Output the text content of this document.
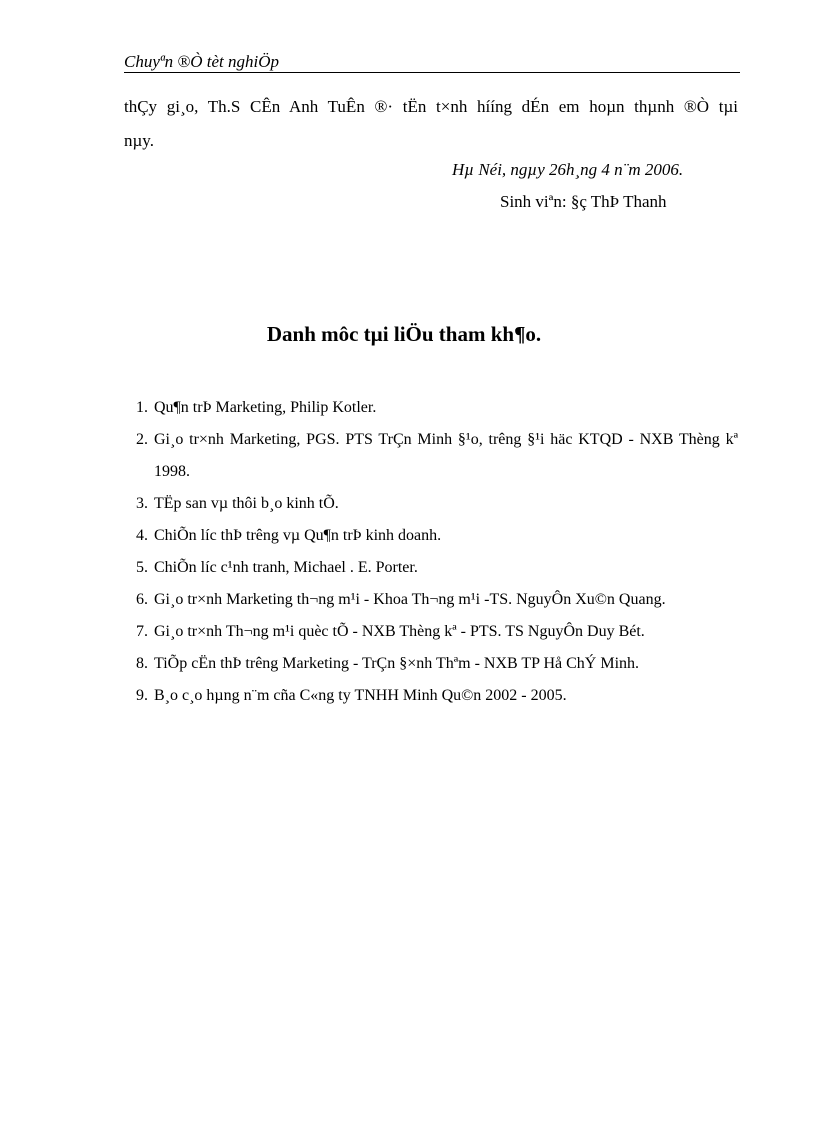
Chuyªn ®Ò tèt nghiÖp
thÇy gi¸o, Th.S CÊn Anh TuÊn ®· tËn t×nh hííng dÉn em hoµn thµnh ®Ò tµi
nµy.
Hµ Néi, ngµy 26h¸ng 4 n¨m 2006.
Sinh viªn: §ç ThÞ Thanh
Danh môc tµi liÖu tham kh¶o.
1. Qu¶n trÞ Marketing, Philip Kotler.
2. Gi¸o tr×nh Marketing, PGS. PTS TrÇn Minh §¹o, trêng §¹i häc KTQD - NXB Thèng kª 1998.
3. TËp san vµ thôi b¸o kinh tÕ.
4. ChiÕn líc thÞ trêng vµ Qu¶n trÞ kinh doanh.
5. ChiÕn líc c¹nh tranh, Michael . E. Porter.
6. Gi¸o tr×nh Marketing th¬ng m¹i - Khoa Th¬ng m¹i -TS. NguyÔn Xu©n Quang.
7. Gi¸o tr×nh Th¬ng m¹i quèc tÕ - NXB Thèng kª - PTS. TS NguyÔn Duy Bét.
8. TiÕp cËn thÞ trêng Marketing - TrÇn §×nh Thªm - NXB TP Hå ChÝ Minh.
9. B¸o c¸o hµng n¨m cña C«ng ty TNHH Minh Qu©n 2002 - 2005.
